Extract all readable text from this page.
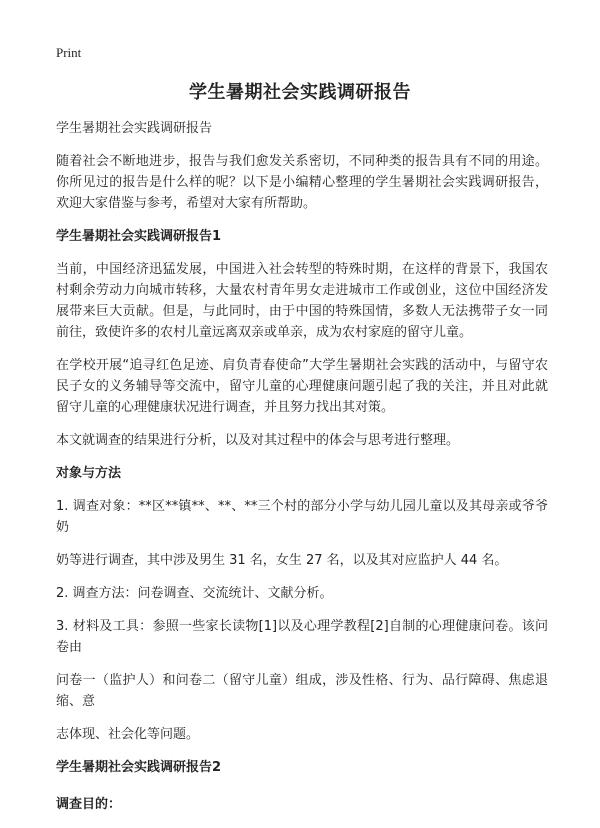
Print
学生暑期社会实践调研报告

学生暑期社会实践调研报告

随着社会不断地进步，报告与我们愈发关系密切，不同种类的报告具有不同的用途。你所见过的报告是什么样的呢？以下是小编精心整理的学生暑期社会实践调研报告，欢迎大家借鉴与参考，希望对大家有所帮助。

学生暑期社会实践调研报告1

当前，中国经济迅猛发展，中国进入社会转型的特殊时期，在这样的背景下，我国农村剩余劳动力向城市转移，大量农村青年男女走进城市工作或创业，这位中国经济发展带来巨大贡献。但是，与此同时，由于中国的特殊国情，多数人无法携带子女一同前往，致使许多的农村儿童远离双亲或单亲，成为农村家庭的留守儿童。

在学校开展“追寻红色足迹、肩负青春使命”大学生暑期社会实践的活动中，与留守农民子女的义务辅导等交流中，留守儿童的心理健康问题引起了我的关注，并且对此就留守儿童的心理健康状况进行调查，并且努力找出其对策。

本文就调查的结果进行分析，以及对其过程中的体会与思考进行整理。

对象与方法

1. 调查对象：**区**镇**、**、**三个村的部分小学与幼儿园儿童以及其母亲或爷爷奶

奶等进行调查，其中涉及男生 31 名，女生 27 名，以及其对应监护人 44 名。

2. 调查方法：问卷调查、交流统计、文献分析。

3. 材料及工具：参照一些家长读物[1]以及心理学教程[2]自制的心理健康问卷。该问卷由

问卷一（监护人）和问卷二（留守儿童）组成，涉及性格、行为、品行障碍、焦虑退缩、意

志体现、社会化等问题。

学生暑期社会实践调研报告2
调查目的：
